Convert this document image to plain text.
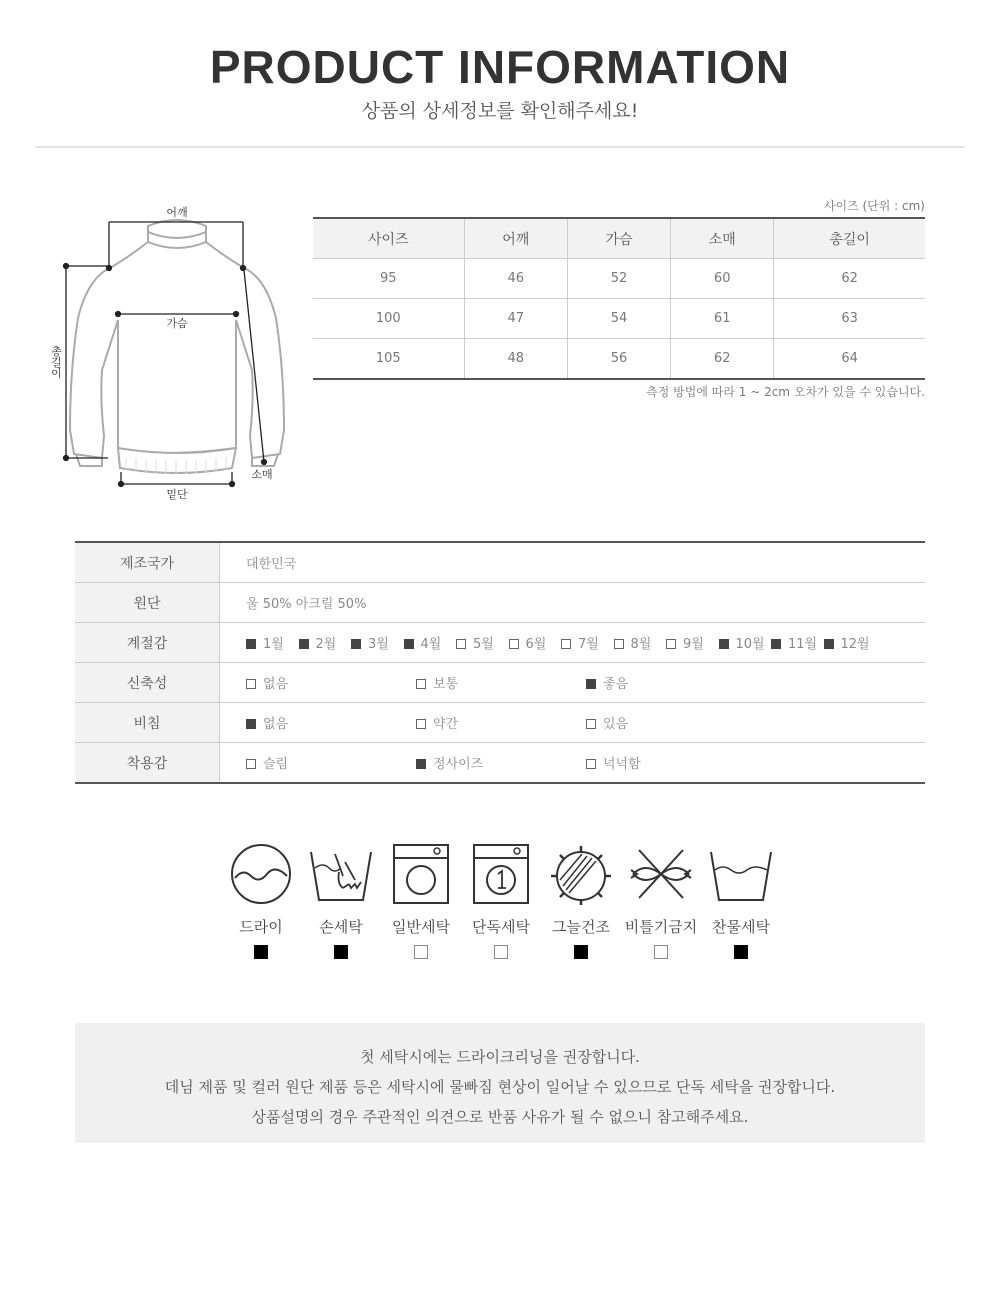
PRODUCT INFORMATION
상품의 상세정보를 확인해주세요!
어깨
가슴
총길이
소매
밑단
사이즈 (단위 : cm)
사이즈	어깨	가슴	소매	총길이
95	46	52	60	62
100	47	54	61	63
105	48	56	62	64
측정 방법에 따라 1 ~ 2cm 오차가 있을 수 있습니다.
제조국가	대한민국
원단	울 50% 아크릴 50%
계절감	1월 2월 3월 4월 5월 6월 7월 8월 9월 10월 11월 12월
신축성	없음 보통 좋음
비침	없음 약간 있음
착용감	슬림 정사이즈 넉넉함
드라이	손세탁	일반세탁	단독세탁	그늘건조 비틀기금지 찬물세탁
첫 세탁시에는 드라이크리닝을 권장합니다.
데님 제품 및 컬러 원단 제품 등은 세탁시에 물빠짐 현상이 일어날 수 있으므로 단독 세탁을 권장합니다.
상품설명의 경우 주관적인 의견으로 반품 사유가 될 수 없으니 참고해주세요.
